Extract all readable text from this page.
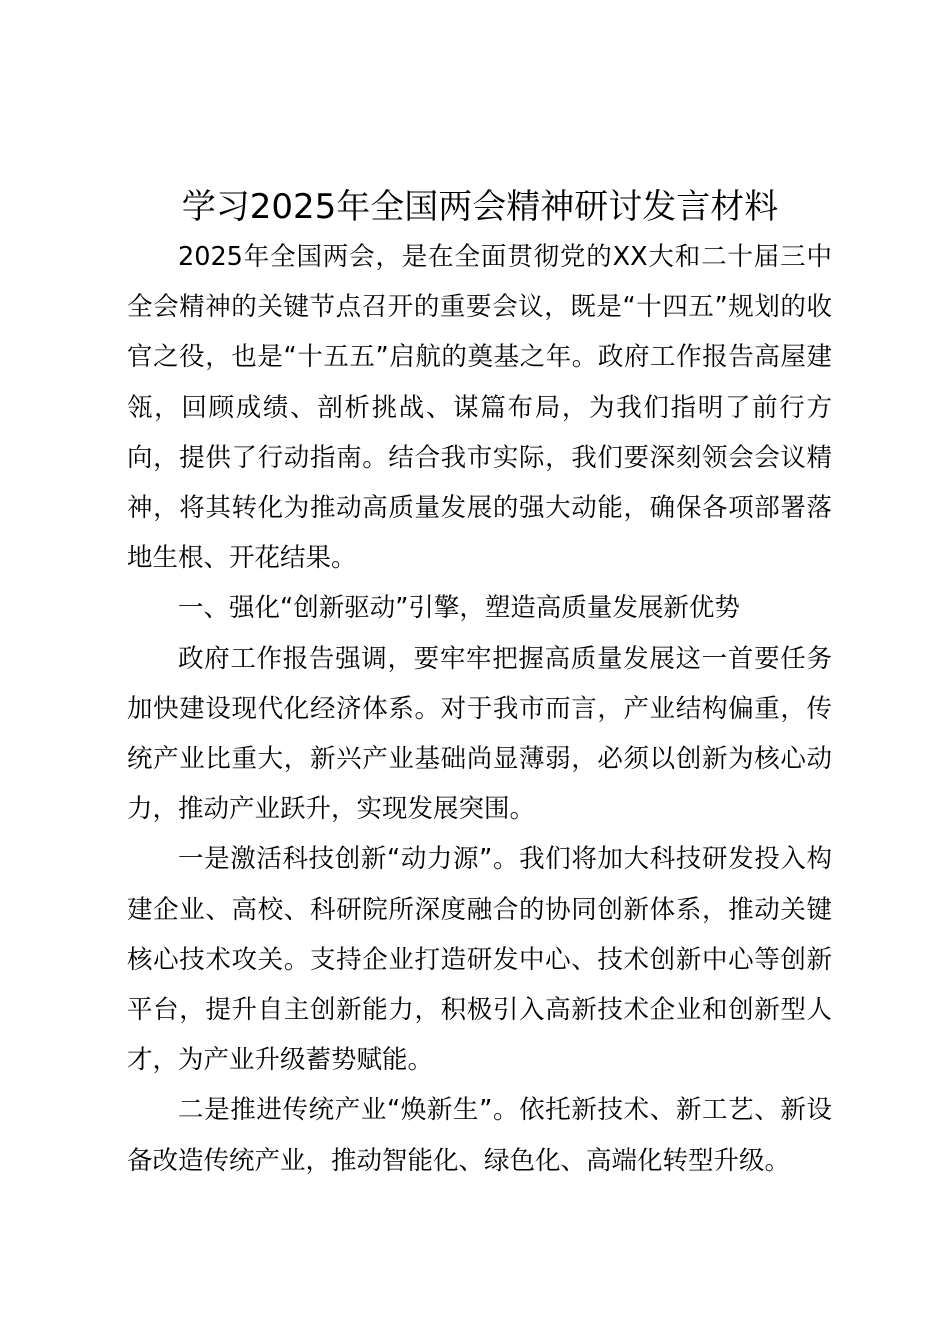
学习2025年全国两会精神研讨发言材料

2025年全国两会，是在全面贯彻党的XX大和二十届三中全会精神的关键节点召开的重要会议，既是“十四五”规划的收官之役，也是“十五五”启航的奠基之年。政府工作报告高屋建瓴，回顾成绩、剖析挑战、谋篇布局，为我们指明了前行方向，提供了行动指南。结合我市实际，我们要深刻领会会议精神，将其转化为推动高质量发展的强大动能，确保各项部署落地生根、开花结果。

一、强化“创新驱动”引擎，塑造高质量发展新优势

政府工作报告强调，要牢牢把握高质量发展这一首要任务加快建设现代化经济体系。对于我市而言，产业结构偏重，传统产业比重大，新兴产业基础尚显薄弱，必须以创新为核心动力，推动产业跃升，实现发展突围。

一是激活科技创新“动力源”。我们将加大科技研发投入构建企业、高校、科研院所深度融合的协同创新体系，推动关键核心技术攻关。支持企业打造研发中心、技术创新中心等创新平台，提升自主创新能力，积极引入高新技术企业和创新型人才，为产业升级蓄势赋能。

二是推进传统产业“焕新生”。依托新技术、新工艺、新设备改造传统产业，推动智能化、绿色化、高端化转型升级。
